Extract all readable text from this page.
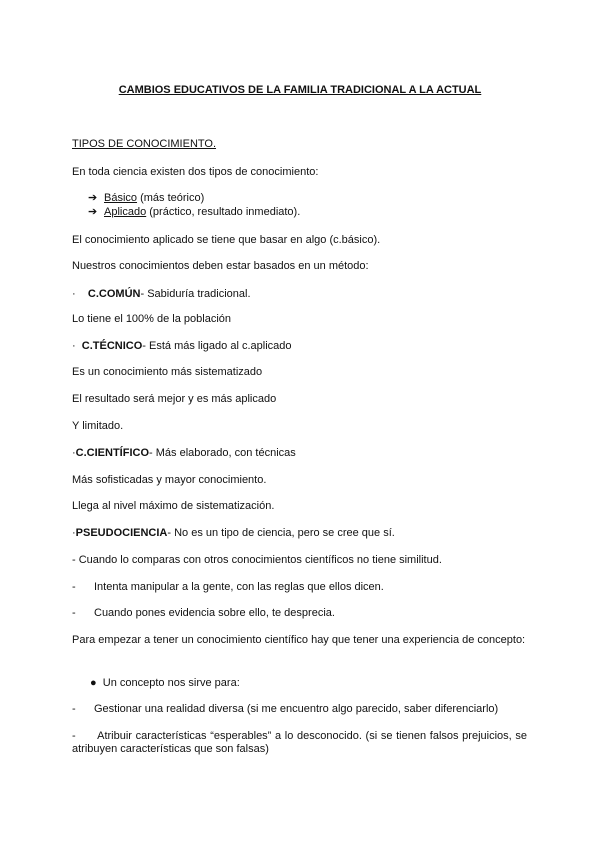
CAMBIOS EDUCATIVOS DE LA FAMILIA TRADICIONAL A LA ACTUAL
TIPOS DE CONOCIMIENTO.
En toda ciencia existen dos tipos de conocimiento:
➔ Básico (más teórico)
➔ Aplicado (práctico, resultado inmediato).
El conocimiento aplicado se tiene que basar en algo (c.básico).
Nuestros conocimientos deben estar basados en un método:
· C.COMÚN- Sabiduría tradicional.
Lo tiene el 100% de la población
· C.TÉCNICO- Está más ligado al c.aplicado
Es un conocimiento más sistematizado
El resultado será mejor y es más aplicado
Y limitado.
·C.CIENTÍFICO- Más elaborado, con técnicas
Más sofisticadas y mayor conocimiento.
Llega al nivel máximo de sistematización.
·PSEUDOCIENCIA- No es un tipo de ciencia, pero se cree que sí.
- Cuando lo comparas con otros conocimientos científicos no tiene similitud.
-      Intenta manipular a la gente, con las reglas que ellos dicen.
-      Cuando pones evidencia sobre ello, te desprecia.
Para empezar a tener un conocimiento científico hay que tener una experiencia de concepto:
● Un concepto nos sirve para:
-      Gestionar una realidad diversa (si me encuentro algo parecido, saber diferenciarlo)
-      Atribuir características “esperables” a lo desconocido. (si se tienen falsos prejuicios, se atribuyen características que son falsas)
